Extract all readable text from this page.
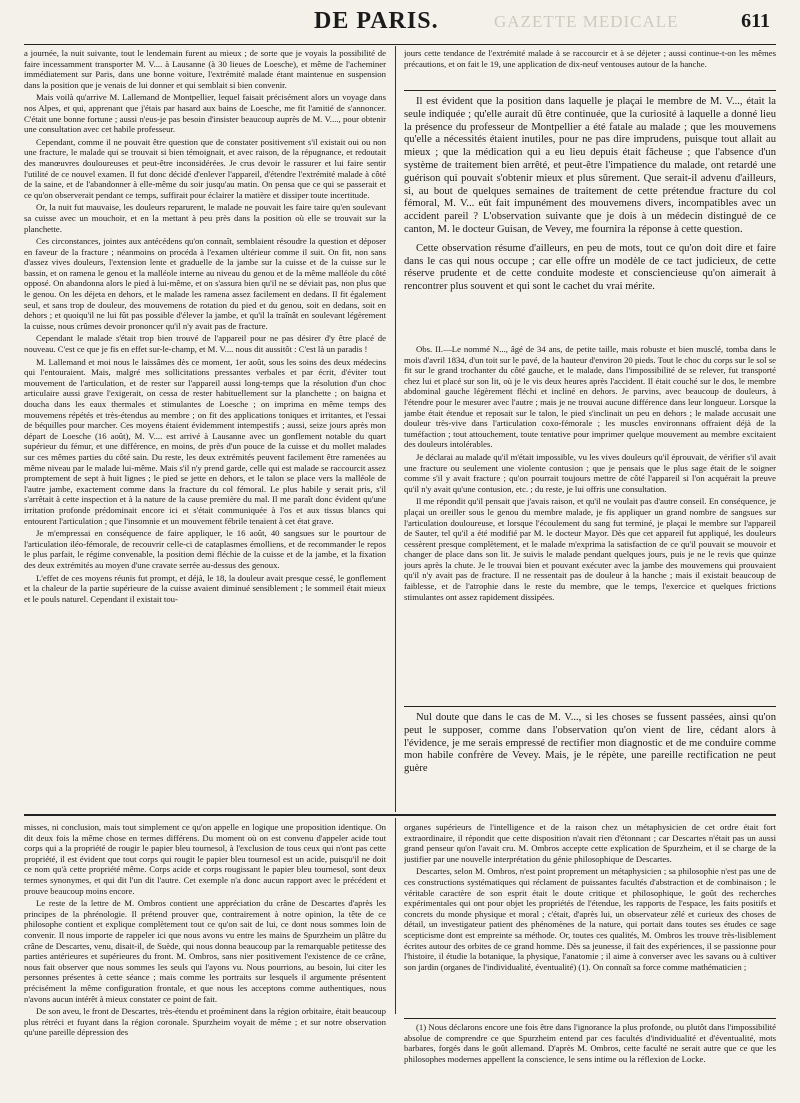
GAZETTE MEDICALE
DE PARIS.	611

a journée, la nuit suivante, tout le lendemain furent au mieux ; de sorte que je voyais la possibilité de faire incessamment transporter M. V.... à Lausanne (à 30 lieues de Loesche), et même de l'acheminer immédiatement sur Paris, dans une bonne voiture, l'extrémité malade étant maintenue en suspension dans la position que je venais de lui donner et qui semblait si bien convenir.

Mais voilà qu'arrive M. Lallemand de Montpellier, lequel faisait précisément alors un voyage dans nos Alpes, et qui, apprenant que j'étais par hasard aux bains de Loesche, me fit l'amitié de s'annoncer. C'était une bonne fortune ; aussi n'eus-je pas besoin d'insister beaucoup auprès de M. V...., pour obtenir une consultation avec cet habile professeur.

Cependant, comme il ne pouvait être question que de constater positivement s'il existait oui ou non une fracture, le malade qui se trouvait si bien témoignait, et avec raison, de la répugnance, et redoutait des manœuvres douloureuses et peut-être inconsidérées. Je crus devoir le rassurer et lui faire sentir l'utilité de ce nouvel examen. Il fut donc décidé d'enlever l'appareil, d'étendre l'extrémité malade à côté de la saine, et de l'abandonner à elle-même du soir jusqu'au matin. On pensa que ce qui se passerait et ce qu'on observerait pendant ce temps, suffirait pour éclairer la matière et dissiper toute incertitude.

Or, la nuit fut mauvaise, les douleurs reparurent, le malade ne pouvait les faire taire qu'en soulevant sa cuisse avec un mouchoir, et en la mettant à peu près dans la position où elle se trouvait sur la planchette.

Ces circonstances, jointes aux antécédens qu'on connaît, semblaient résoudre la question et déposer en faveur de la fracture ; néanmoins on procéda à l'examen ultérieur comme il suit. On fit, non sans d'assez vives douleurs, l'extension lente et graduelle de la jambe sur la cuisse et de la cuisse sur le bassin, et on ramena le genou et la malléole interne au niveau du genou et de la même malléole du côté opposé. On abandonna alors le pied à lui-même, et on s'assura bien qu'il ne se déviait pas, non plus que le genou. On les déjeta en dehors, et le malade les ramena assez facilement en dedans. Il fit également seul, et sans trop de douleur, des mouvemens de rotation du pied et du genou, soit en dedans, soit en dehors ; et quoiqu'il ne lui fût pas possible d'élever la jambe, et qu'il la traînât en soulevant légèrement la cuisse, nous crûmes devoir prononcer qu'il n'y avait pas de fracture.

Cependant le malade s'était trop bien trouvé de l'appareil pour ne pas désirer d'y être placé de nouveau. C'est ce que je fis en effet sur-le-champ, et M. V.... nous dit aussitôt : C'est là un paradis !

M. Lallemand et moi nous le laissâmes dès ce moment, 1er août, sous les soins des deux médecins qui l'entouraient. Mais, malgré mes sollicitations pressantes verbales et par écrit, d'éviter tout mouvement de l'articulation, et de rester sur l'appareil aussi long-temps que la résolution d'un choc articulaire aussi grave l'exigerait, on cessa de rester habituellement sur la planchette ; on baigna et doucha dans les eaux thermales et stimulantes de Loesche ; on imprima en même temps des mouvemens répétés et très-étendus au membre ; on fit des applications toniques et irritantes, et l'essai de béquilles pour marcher. Ces moyens étaient évidemment intempestifs ; aussi, seize jours après mon départ de Loesche (16 août), M. V.... est arrivé à Lausanne avec un gonflement notable du quart supérieur du fémur, et une différence, en moins, de près d'un pouce de la cuisse et du mollet malades sur ces mêmes parties du côté sain. Du reste, les deux extrémités peuvent facilement être ramenées au même niveau par le malade lui-même. Mais s'il n'y prend garde, celle qui est malade se raccourcit assez promptement de sept à huit lignes ; le pied se jette en dehors, et le talon se place vers la malléole de l'autre jambe, exactement comme dans la fracture du col fémoral. Le plus habile y serait pris, s'il s'arrêtait à cette inspection et à la nature de la cause première du mal. Il me paraît donc évident qu'une irritation profonde prédominait encore ici et s'était communiquée à l'os et aux tissus blancs qui entourent l'articulation ; que l'insomnie et un mouvement fébrile tenaient à cet état grave.

Je m'empressai en conséquence de faire appliquer, le 16 août, 40 sangsues sur le pourtour de l'articulation iléo-fémorale, de recouvrir celle-ci de cataplasmes émolliens, et de recommander le repos le plus parfait, le régime convenable, la position demi fléchie de la cuisse et de la jambe, et la fixation des deux extrémités au moyen d'une cravate serrée au-dessus des genoux.

L'effet de ces moyens réunis fut prompt, et déjà, le 18, la douleur avait presque cessé, le gonflement et la chaleur de la partie supérieure de la cuisse avaient diminué sensiblement ; le sommeil était mieux et le pouls naturel. Cependant il existait tou-

jours cette tendance de l'extrémité malade à se raccourcir et à se déjeter ; aussi continue-t-on les mêmes précautions, et on fait le 19, une application de dix-neuf ventouses autour de la hanche.

Il est évident que la position dans laquelle je plaçai le membre de M. V..., était la seule indiquée ; qu'elle aurait dû être continuée, que la curiosité à laquelle a donné lieu la présence du professeur de Montpellier a été fatale au malade ; que les mouvemens qu'elle a nécessités étaient inutiles, pour ne pas dire imprudens, puisque tout allait au mieux ; que la médication qui a eu lieu depuis était fâcheuse ; que l'absence d'un système de traitement bien arrêté, et peut-être l'impatience du malade, ont retardé une guérison qui pouvait s'obtenir mieux et plus sûrement. Que serait-il advenu d'ailleurs, si, au bout de quelques semaines de traitement de cette prétendue fracture du col fémoral, M. V... eût fait impunément des mouvemens divers, incompatibles avec un accident pareil ? L'observation suivante que je dois à un médecin distingué de ce canton, M. le docteur Guisan, de Vevey, me fournira la réponse à cette question.

Cette observation résume d'ailleurs, en peu de mots, tout ce qu'on doit dire et faire dans le cas qui nous occupe ; car elle offre un modèle de ce tact judicieux, de cette réserve prudente et de cette conduite modeste et consciencieuse qu'on aimerait à rencontrer plus souvent et qui sont le cachet du vrai mérite.

Obs. II.—Le nommé N..., âgé de 34 ans, de petite taille, mais robuste et bien musclé, tomba dans le mois d'avril 1834, d'un toit sur le pavé, de la hauteur d'environ 20 pieds. Tout le choc du corps sur le sol se fit sur le grand trochanter du côté gauche, et le malade, dans l'impossibilité de se relever, fut transporté chez lui et placé sur son lit, où je le vis deux heures après l'accident. Il était couché sur le dos, le membre abdominal gauche légèrement fléchi et incliné en dehors. Je parvins, avec beaucoup de douleurs, à l'étendre pour le mesurer avec l'autre ; mais je ne trouvai aucune différence dans leur longueur. Lorsque la jambe était étendue et reposait sur le talon, le pied s'inclinait un peu en dehors ; le malade accusait une douleur très-vive dans l'articulation coxo-fémorale ; les muscles environnans offraient déjà de la tuméfaction ; tout attouchement, toute tentative pour imprimer quelque mouvement au membre excitaient des douleurs intolérables.

Je déclarai au malade qu'il m'était impossible, vu les vives douleurs qu'il éprouvait, de vérifier s'il avait une fracture ou seulement une violente contusion ; que je pensais que le plus sage était de le soigner comme s'il y avait fracture ; qu'on pourrait toujours mettre de côté l'appareil si l'on acquérait la preuve qu'il n'y avait qu'une contusion, etc. ; du reste, je lui offris une consultation.

Il me répondit qu'il pensait que j'avais raison, et qu'il ne voulait pas d'autre conseil. En conséquence, je plaçai un oreiller sous le genou du membre malade, je fis appliquer un grand nombre de sangsues sur l'articulation douloureuse, et lorsque l'écoulement du sang fut terminé, je plaçai le membre sur l'appareil de Sauter, tel qu'il a été modifié par M. le docteur Mayor. Dès que cet appareil fut appliqué, les douleurs cessèrent presque complètement, et le malade m'exprima la satisfaction de ce qu'il pouvait se mouvoir et changer de place dans son lit. Je suivis le malade pendant quelques jours, puis je ne le revis que quinze jours après la chute. Je le trouvai bien et pouvant exécuter avec la jambe des mouvemens qui prouvaient qu'il n'y avait pas de fracture. Il ne ressentait pas de douleur à la hanche ; mais il existait beaucoup de faiblesse, et de l'atrophie dans le reste du membre, que le temps, l'exercice et quelques frictions stimulantes ont assez rapidement dissipées.

Nul doute que dans le cas de M. V..., si les choses se fussent passées, ainsi qu'on peut le supposer, comme dans l'observation qu'on vient de lire, cédant alors à l'évidence, je me serais empressé de rectifier mon diagnostic et de me conduire comme mon habile confrère de Vevey. Mais, je le répète, une pareille rectification ne peut guère

misses, ni conclusion, mais tout simplement ce qu'on appelle en logique une proposition identique. On dit deux fois la même chose en termes différens. Du moment où on est convenu d'appeler acide tout corps qui a la propriété de rougir le papier bleu tournesol, à l'exclusion de tous ceux qui n'ont pas cette propriété, il est évident que tout corps qui rougit le papier bleu tournesol est un acide, puisqu'il ne doit ce nom qu'à cette propriété même. Corps acide et corps rougissant le papier bleu tournesol, sont deux termes synonymes, et qui dit l'un dit l'autre. Cet exemple n'a donc aucun rapport avec le précédent et prouve beaucoup moins encore.

Le reste de la lettre de M. Ombros contient une appréciation du crâne de Descartes d'après les principes de la phrénologie. Il prétend prouver que, contrairement à notre opinion, la tête de ce philosophe contient et explique complètement tout ce qu'on sait de lui, ce dont nous sommes loin de convenir. Il nous importe de rappeler ici que nous avons vu entre les mains de Spurzheim un plâtre du crâne de Descartes, venu, disait-il, de Suède, qui nous donna beaucoup par la remarquable petitesse des parties antérieures et supérieures du front. M. Ombros, sans nier positivement l'existence de ce crâne, nous fait observer que nous sommes les seuls qui l'ayons vu. Nous pourrions, au besoin, lui citer les personnes présentes à cette séance ; mais comme les portraits sur lesquels il argumente présentent précisément la même configuration frontale, et que nous les acceptons comme authentiques, nous n'avons aucun intérêt à mieux constater ce point de fait.

De son aveu, le front de Descartes, très-étendu et proéminent dans la région orbitaire, était beaucoup plus rétréci et fuyant dans la région coronale. Spurzheim voyait de même ; et sur notre observation qu'une pareille dépression des

organes supérieurs de l'intelligence et de la raison chez un métaphysicien de cet ordre était fort extraordinaire, il répondit que cette disposition n'avait rien d'étonnant ; car Descartes n'était pas un aussi grand penseur qu'on l'avait cru. M. Ombros accepte cette explication de Spurzheim, et il se charge de la justifier par une nouvelle interprétation du génie philosophique de Descartes.

Descartes, selon M. Ombros, n'est point proprement un métaphysicien ; sa philosophie n'est pas une de ces constructions systématiques qui réclament de puissantes facultés d'abstraction et de combinaison ; le véritable caractère de son esprit était le doute critique et philosophique, le goût des recherches expérimentales qui ont pour objet les propriétés de l'étendue, les rapports de l'espace, les faits positifs et concrets du monde physique et moral ; c'était, d'après lui, un observateur zélé et curieux des choses de détail, un investigateur patient des phénomènes de la nature, qui portait dans toutes ses études ce sage scepticisme dont est empreinte sa méthode. Or, toutes ces qualités, M. Ombros les trouve très-lisiblement écrites autour des orbites de ce grand homme. Dès sa jeunesse, il fait des expériences, il se passionne pour l'histoire, il étudie la botanique, la physique, l'anatomie ; il aime à converser avec les savans ou à cultiver son jardin (organes de l'individualité, éventualité) (1). On connaît sa force comme mathématicien ;

(1) Nous déclarons encore une fois être dans l'ignorance la plus profonde, ou plutôt dans l'impossibilité absolue de comprendre ce que Spurzheim entend par ces facultés d'individualité et d'éventualité, mots barbares, forgés dans le goût allemand. D'après M. Ombros, cette faculté ne serait autre que ce que les philosophes modernes appellent la conscience, le sens intime ou la réflexion de Locke.
